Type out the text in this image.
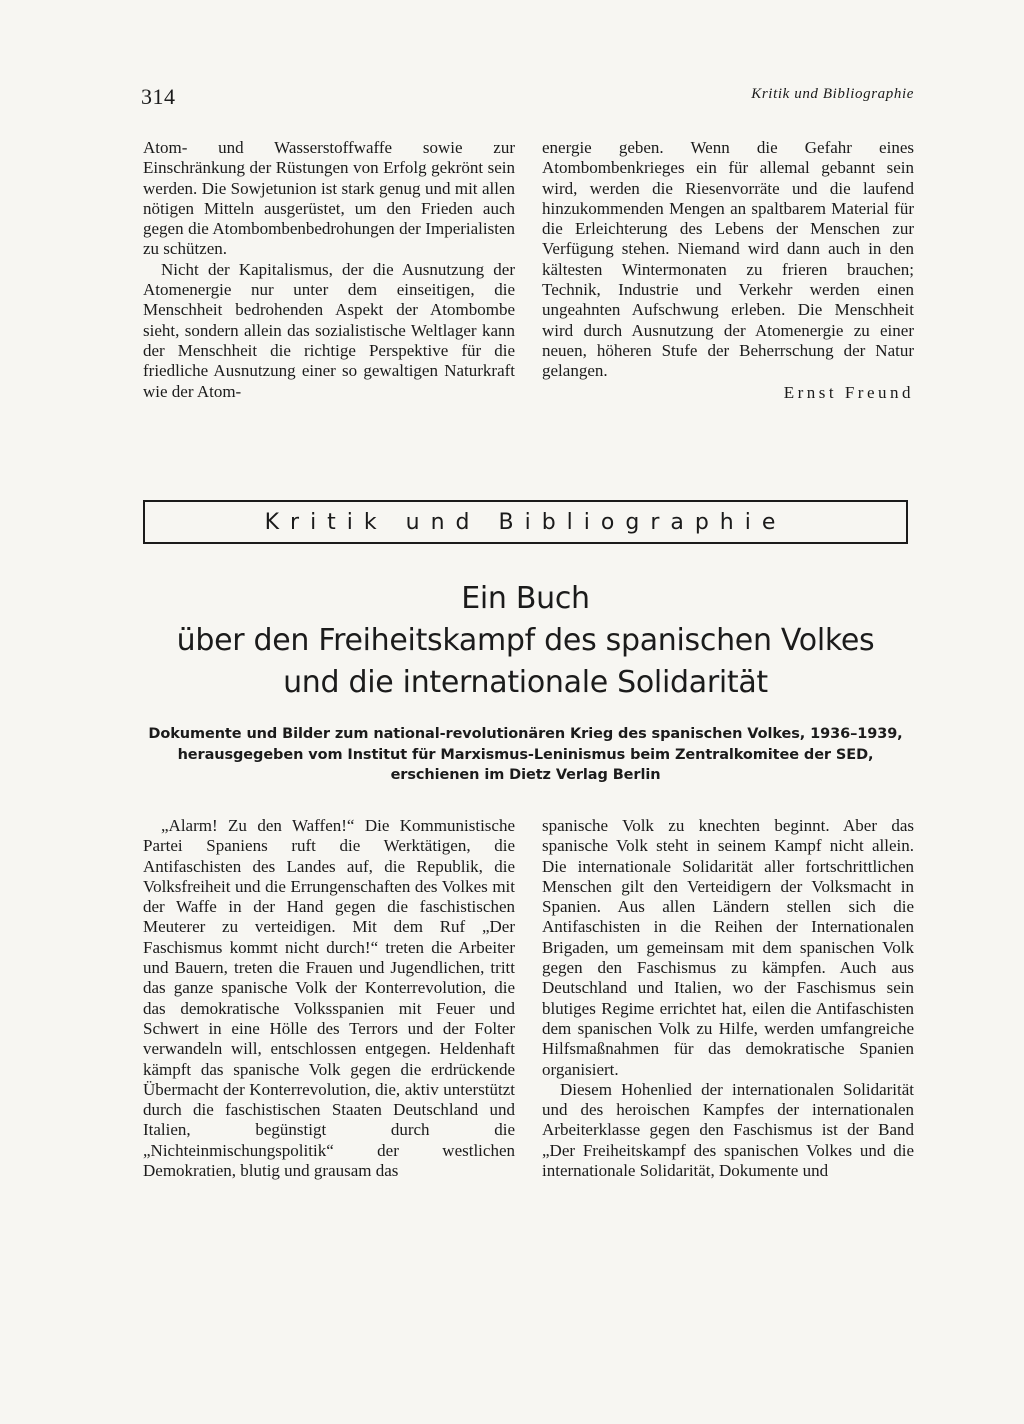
314	Kritik und Bibliographie

Atom- und Wasserstoffwaffe sowie zur Einschränkung der Rüstungen von Erfolg gekrönt sein werden. Die Sowjetunion ist stark genug und mit allen nötigen Mitteln ausgerüstet, um den Frieden auch gegen die Atombombenbedrohungen der Imperialisten zu schützen.

Nicht der Kapitalismus, der die Ausnutzung der Atomenergie nur unter dem einseitigen, die Menschheit bedrohenden Aspekt der Atombombe sieht, sondern allein das sozialistische Weltlager kann der Menschheit die richtige Perspektive für die friedliche Ausnutzung einer so gewaltigen Naturkraft wie der Atom-

energie geben. Wenn die Gefahr eines Atombombenkrieges ein für allemal gebannt sein wird, werden die Riesenvorräte und die laufend hinzukommenden Mengen an spaltbarem Material für die Erleichterung des Lebens der Menschen zur Verfügung stehen. Niemand wird dann auch in den kältesten Wintermonaten zu frieren brauchen; Technik, Industrie und Verkehr werden einen ungeahnten Aufschwung erleben. Die Menschheit wird durch Ausnutzung der Atomenergie zu einer neuen, höheren Stufe der Beherrschung der Natur gelangen.

Ernst Freund
Kritik und Bibliographie
Ein Buch
über den Freiheitskampf des spanischen Volkes
und die internationale Solidarität
Dokumente und Bilder zum national-revolutionären Krieg des spanischen Volkes, 1936–1939,
herausgegeben vom Institut für Marxismus-Leninismus beim Zentralkomitee der SED,
erschienen im Dietz Verlag Berlin

„Alarm! Zu den Waffen!“ Die Kommunistische Partei Spaniens ruft die Werktätigen, die Antifaschisten des Landes auf, die Republik, die Volksfreiheit und die Errungenschaften des Volkes mit der Waffe in der Hand gegen die faschistischen Meuterer zu verteidigen. Mit dem Ruf „Der Faschismus kommt nicht durch!“ treten die Arbeiter und Bauern, treten die Frauen und Jugendlichen, tritt das ganze spanische Volk der Konterrevolution, die das demokratische Volksspanien mit Feuer und Schwert in eine Hölle des Terrors und der Folter verwandeln will, entschlossen entgegen. Heldenhaft kämpft das spanische Volk gegen die erdrückende Übermacht der Konterrevolution, die, aktiv unterstützt durch die faschistischen Staaten Deutschland und Italien, begünstigt durch die „Nichteinmischungspolitik“ der westlichen Demokratien, blutig und grausam das

spanische Volk zu knechten beginnt. Aber das spanische Volk steht in seinem Kampf nicht allein. Die internationale Solidarität aller fortschrittlichen Menschen gilt den Verteidigern der Volksmacht in Spanien. Aus allen Ländern stellen sich die Antifaschisten in die Reihen der Internationalen Brigaden, um gemeinsam mit dem spanischen Volk gegen den Faschismus zu kämpfen. Auch aus Deutschland und Italien, wo der Faschismus sein blutiges Regime errichtet hat, eilen die Antifaschisten dem spanischen Volk zu Hilfe, werden umfangreiche Hilfsmaßnahmen für das demokratische Spanien organisiert.

Diesem Hohenlied der internationalen Solidarität und des heroischen Kampfes der internationalen Arbeiterklasse gegen den Faschismus ist der Band „Der Freiheitskampf des spanischen Volkes und die internationale Solidarität, Dokumente und
